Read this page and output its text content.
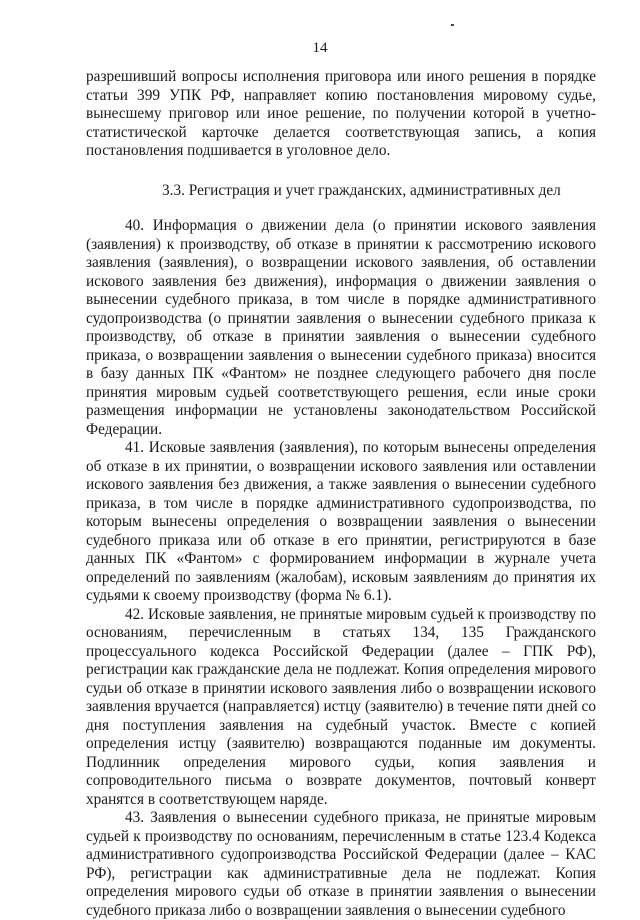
14

разрешивший вопросы исполнения приговора или иного решения в порядке статьи 399 УПК РФ, направляет копию постановления мировому судье, вынесшему приговор или иное решение, по получении которой в учетно-статистической карточке делается соответствующая запись, а копия постановления подшивается в уголовное дело.

3.3. Регистрация и учет гражданских, административных дел

40. Информация о движении дела (о принятии искового заявления (заявления) к производству, об отказе в принятии к рассмотрению искового заявления (заявления), о возвращении искового заявления, об оставлении искового заявления без движения), информация о движении заявления о вынесении судебного приказа, в том числе в порядке административного судопроизводства (о принятии заявления о вынесении судебного приказа к производству, об отказе в принятии заявления о вынесении судебного приказа, о возвращении заявления о вынесении судебного приказа) вносится в базу данных ПК «Фантом» не позднее следующего рабочего дня после принятия мировым судьей соответствующего решения, если иные сроки размещения информации не установлены законодательством Российской Федерации.

41. Исковые заявления (заявления), по которым вынесены определения об отказе в их принятии, о возвращении искового заявления или оставлении искового заявления без движения, а также заявления о вынесении судебного приказа, в том числе в порядке административного судопроизводства, по которым вынесены определения о возвращении заявления о вынесении судебного приказа или об отказе в его принятии, регистрируются в базе данных ПК «Фантом» с формированием информации в журнале учета определений по заявлениям (жалобам), исковым заявлениям до принятия их судьями к своему производству (форма № 6.1).

42. Исковые заявления, не принятые мировым судьей к производству по основаниям, перечисленным в статьях 134, 135 Гражданского процессуального кодекса Российской Федерации (далее – ГПК РФ), регистрации как гражданские дела не подлежат. Копия определения мирового судьи об отказе в принятии искового заявления либо о возвращении искового заявления вручается (направляется) истцу (заявителю) в течение пяти дней со дня поступления заявления на судебный участок. Вместе с копией определения истцу (заявителю) возвращаются поданные им документы. Подлинник определения мирового судьи, копия заявления и сопроводительного письма о возврате документов, почтовый конверт хранятся в соответствующем наряде.

43. Заявления о вынесении судебного приказа, не принятые мировым судьей к производству по основаниям, перечисленным в статье 123.4 Кодекса административного судопроизводства Российской Федерации (далее – КАС РФ), регистрации как административные дела не подлежат. Копия определения мирового судьи об отказе в принятии заявления о вынесении судебного приказа либо о возвращении заявления о вынесении судебного
